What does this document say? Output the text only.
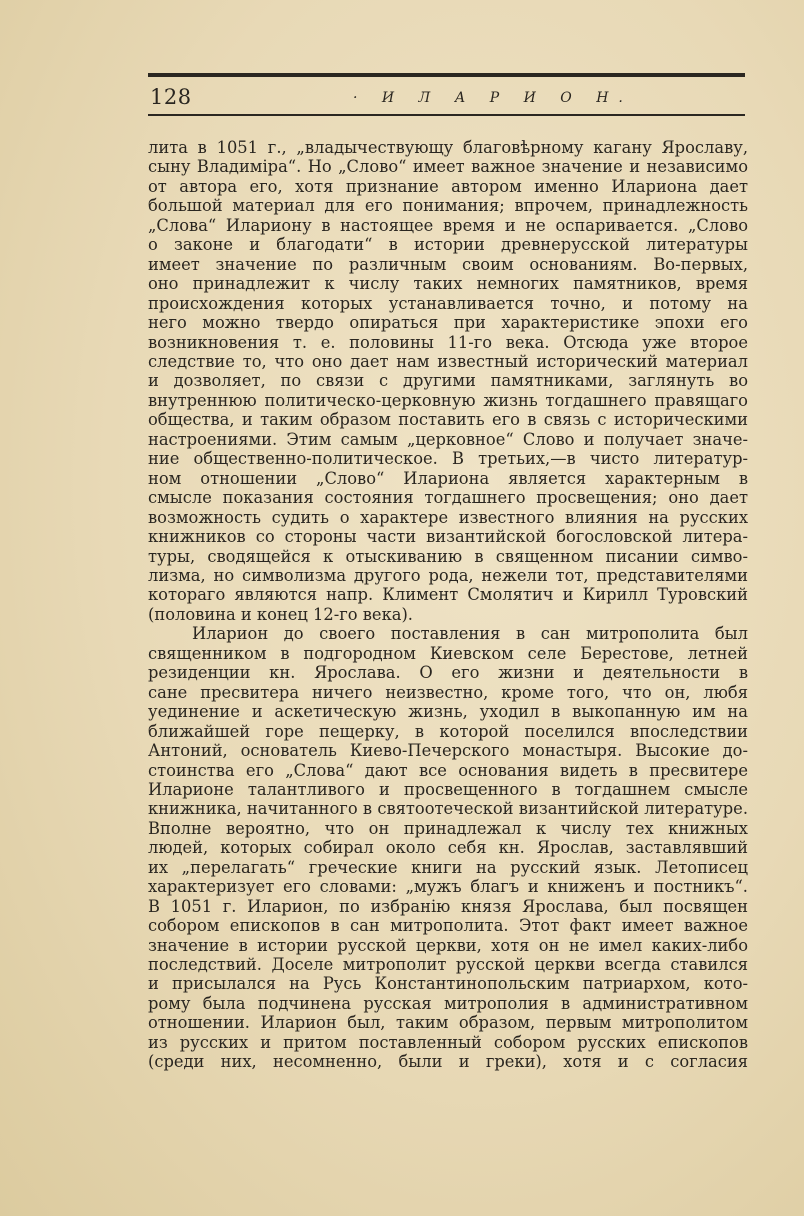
128	· И Л А Р И О Н.
лита в 1051 г., „владычествующу благовѣрному кагану Ярославу,
сыну Владиміра“. Но „Слово“ имеет важное значение и независимо
от автора его, хотя признание автором именно Илариона дает
большой материал для его понимания; впрочем, принадлежность
„Слова“ Илариону в настоящее время и не оспаривается. „Слово
о законе и благодати“ в истории древнерусской литературы
имеет значение по различным своим основаниям. Во-первых,
оно принадлежит к числу таких немногих памятников, время
происхождения которых устанавливается точно, и потому на
него можно твердо опираться при характеристике эпохи его
возникновения т. е. половины 11-го века. Отсюда уже второе
следствие то, что оно дает нам известный исторический материал
и дозволяет, по связи с другими памятниками, заглянуть во
внутреннюю политическо-церковную жизнь тогдашнего правящаго
общества, и таким образом поставить его в связь с историческими
настроениями. Этим самым „церковное“ Слово и получает значе-
ние общественно-политическое. В третьих,—в чисто литератур-
ном отношении „Слово“ Илариона является характерным в
смысле показания состояния тогдашнего просвещения; оно дает
возможность судить о характере известного влияния на русских
книжников со стороны части византийской богословской литера-
туры, сводящейся к отыскиванию в священном писании симво-
лизма, но символизма другого рода, нежели тот, представителями
котораго являются напр. Климент Смолятич и Кирилл Туровский
(половина и конец 12-го века).
Иларион до своего поставления в сан митрополита был
священником в подгородном Киевском селе Берестове, летней
резиденции кн. Ярослава. О его жизни и деятельности в
сане пресвитера ничего неизвестно, кроме того, что он, любя
уединение и аскетическую жизнь, уходил в выкопанную им на
ближайшей горе пещерку, в которой поселился впоследствии
Антоний, основатель Киево-Печерского монастыря. Высокие до-
стоинства его „Слова“ дают все основания видеть в пресвитере
Иларионе талантливого и просвещенного в тогдашнем смысле
книжника, начитанного в святоотеческой византийской литературе.
Вполне вероятно, что он принадлежал к числу тех книжных
людей, которых собирал около себя кн. Ярослав, заставлявший
их „перелагать“ греческие книги на русский язык. Летописец
характеризует его словами: „мужъ благъ и книженъ и постникъ“.
В 1051 г. Иларион, по избранію князя Ярослава, был посвящен
собором епископов в сан митрополита. Этот факт имеет важное
значение в истории русской церкви, хотя он не имел каких-либо
последствий. Доселе митрополит русской церкви всегда ставился
и присылался на Русь Константинопольским патриархом, кото-
рому была подчинена русская митрополия в административном
отношении. Иларион был, таким образом, первым митрополитом
из русских и притом поставленный собором русских епископов
(среди них, несомненно, были и греки), хотя и с согласия
